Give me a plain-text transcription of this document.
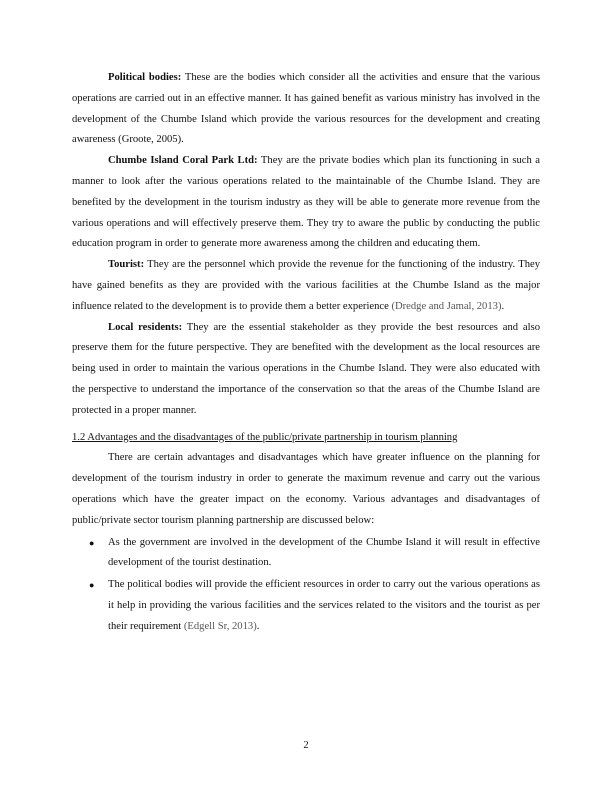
Political bodies: These are the bodies which consider all the activities and ensure that the various operations are carried out in an effective manner. It has gained benefit as various ministry has involved in the development of the Chumbe Island which provide the various resources for the development and creating awareness (Groote, 2005).

Chumbe Island Coral Park Ltd: They are the private bodies which plan its functioning in such a manner to look after the various operations related to the maintainable of the Chumbe Island. They are benefited by the development in the tourism industry as they will be able to generate more revenue from the various operations and will effectively preserve them. They try to aware the public by conducting the public education program in order to generate more awareness among the children and educating them.

Tourist: They are the personnel which provide the revenue for the functioning of the industry. They have gained benefits as they are provided with the various facilities at the Chumbe Island as the major influence related to the development is to provide them a better experience (Dredge and Jamal, 2013).

Local residents: They are the essential stakeholder as they provide the best resources and also preserve them for the future perspective. They are benefited with the development as the local resources are being used in order to maintain the various operations in the Chumbe Island. They were also educated with the perspective to understand the importance of the conservation so that the areas of the Chumbe Island are protected in a proper manner.

1.2 Advantages and the disadvantages of the public/private partnership in tourism planning

There are certain advantages and disadvantages which have greater influence on the planning for development of the tourism industry in order to generate the maximum revenue and carry out the various operations which have the greater impact on the economy. Various advantages and disadvantages of public/private sector tourism planning partnership are discussed below:

● As the government are involved in the development of the Chumbe Island it will result in effective development of the tourist destination.
● The political bodies will provide the efficient resources in order to carry out the various operations as it help in providing the various facilities and the services related to the visitors and the tourist as per their requirement (Edgell Sr, 2013).
2
